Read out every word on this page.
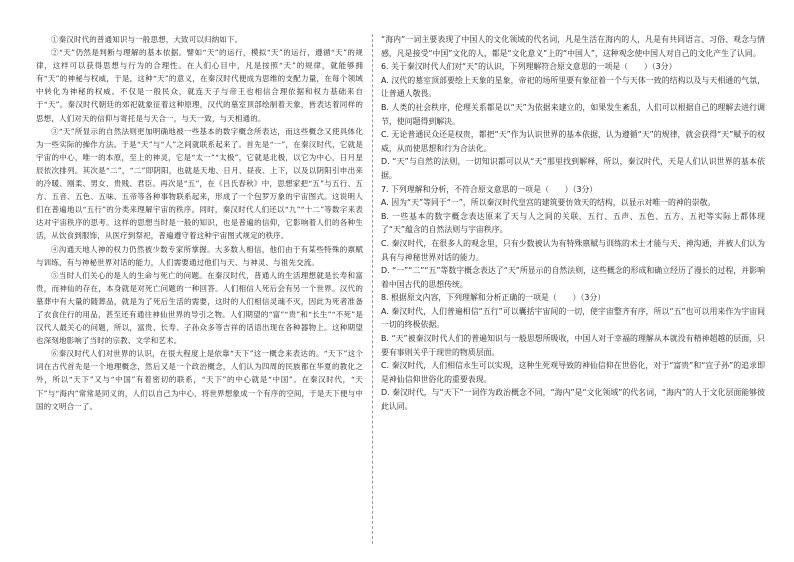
①秦汉时代的普通知识与一般思想，大致可以归纳如下。

②“天”仍然是判断与理解的基本依据。譬如“天”的运行，模拟“天”的运行，遵循“天”的规律，这样可以获得思想与行为的合理性。在人们心目中，凡是按照“天”的规律，就能够拥有“天”的神秘与权威，于是，这种“天”的意义，在秦汉时代便成为思维的支配力量，在每个领域中转化为神秘的权威。不仅是一般民众，就连天子与帝王也相信合理依据和权力基础来自于“天”。秦汉时代朝廷的郊祀就象征着这种原理，汉代的墓室顶部绘制着天象，皆表达着同样的思想，人们对天的信仰与寄托是与天合一，与天一致，与天相通的。

③“天”所显示的自然法则更加明确地被一些基本的数字概念所表达，而这些概念又使具体化为一些实际的操作方法。于是“天”与“人”之间就联系起来了。首先是“一”，在秦汉时代，它就是宇宙的中心，唯一的本原，至上的神灵，它是“太一”“太极”，它就是北极，以它为中心，日月星辰依次排列。其次是“二”，“二”即阴阳，也就是天地、日月、昼夜、上下，以及以阴阳引申出来的冷暖、刚柔、男女、贵贱、君臣。再次是“五”，在《吕氏春秋》中，思想家把“五”与五行、五方、五音、五色、五味、五帝等各种事物联系起来，形成了一个包罗万象的宇宙图式。这说明人们在普遍地以“五行”的分类来理解宇宙的秩序。同时，秦汉时代人们还以“九”“十二”等数字来表达对宇宙秩序的思考。这样的思想当时是一般的知识，也是普遍的信仰，它影响着人们的各种生活，从饮食到服饰，从医疗到祭祀，普遍遵守着这种宇宙图式规定的秩序。

④沟通天地人神的权力仍然被少数专家所掌握。大多数人相信，他们由于有某些特殊的禀赋与训练，有与神秘世界对话的能力，人们需要通过他们与天、与神灵、与祖先交流。

⑤当时人们关心的是人的生命与死亡的问题。在秦汉时代，普通人的生活理想就是长寿和富贵，而神仙的存在，本身就是对死亡问题的一种回答。人们相信人死后会有另一个世界。汉代的墓葬中有大量的随葬品，就是为了死后生活的需要，这时的人们相信灵魂不灭，因此为死者准备了衣食住行的用品，甚至还有通往神仙世界的导引之物。人们期望的“富”“贵”和“长生”“不死”是汉代人最关心的问题，所以，富贵、长寿、子孙众多等吉祥的话语出现在各种器物上。这种期望也深刻地影响了当时的宗教、文学和艺术。

⑥秦汉时代人们对世界的认识，在很大程度上是依靠“天下”这一概念来表达的。“天下”这个词在古代首先是一个地理概念，然后又是一个政治概念，人们认为四周的民族都在华夏的教化之外，所以“天下”又与“中国”有着密切的联系，“天下”的中心就是“中国”。在秦汉时代，“天下”与“海内”常常是同义的，人们以自己为中心，将世界想象成一个有序的空间，于是天下便与中国的文明合一了。

“海内”一词主要表现了中国人的文化领域的代名词，凡是生活在海内的人，凡是有共同语言、习俗、观念与情感，凡是接受“中国”文化的人，都是“文化意义”上的“中国人”，这种观念使中国人对自己的文化产生了认同。

6. 关于秦汉时代人们对“天”的认识，下列理解符合原文意思的一项是（　　）（3分）

A. 汉代的墓室顶部要绘上天象的星象，帝祀的场所里要有象征着一个与天体一致的结构以及与天相通的气氛，让普通人敬畏。

B. 人类的社会秩序，伦理关系都是以“天”为依据来建立的，如果发生紊乱，人们可以根据自己的理解去进行调节，使问题得到解决。

C. 无论普通民众还是权贵，都把“天”作为认识世界的基本依据，认为遵循“天”的规律，就会获得“天”赋予的权威，从而使思想和行为合法化。

D. “天”与自然的法则，一切知识都可以从“天”那里找到解释，所以，秦汉时代，天是人们认识世界的基本依据。

7. 下列理解和分析，不符合原文意思的一项是（　　）（3分）

A. 因为“天”等同于“一”，所以秦汉时代皇宫的建筑要仿效天的结构，以显示对唯一的神的崇敬。

B. 一些基本的数字概念表达原来了天与人之间的关联，五行、五声、五色、五方、五祀等实际上都体现了“天”蕴含的自然法则与宇宙秩序。

C. 秦汉时代，在很多人的观念里，只有少数被认为有特殊禀赋与训练的术士才能与天、神沟通，并被人们认为具有与神秘世界对话的能力。

D. “一”“二”“五”等数字概念表达了“天”所显示的自然法则，这些概念的形成和确立经历了漫长的过程，并影响着中国古代的思想传统。

8. 根据原文内容，下列理解和分析正确的一项是（　　）（3分）

A. 秦汉时代，人们普遍相信“五行”可以囊括宇宙间的一切，使宇宙整齐有序，所以“五”也可以用来作为宇宙间一切的终极依据。

B. “天”被秦汉时代人们的普遍知识与一般思想所吸收，中国人对于幸福的理解从本就没有精神超越的层面，只要有事则关乎于现世的物质层面。

C. 秦汉时代，人们相信永生可以实现，这种生死观导致的神仙信仰在世俗化，对于“富贵”和“宜子孙”的追求即是神仙信仰世俗化的重要表现。

D. 秦汉时代，与“天下”一词作为政治概念不同，“海内”是“文化领域”的代名词，“海内”的人于文化层面能够彼此认同。
